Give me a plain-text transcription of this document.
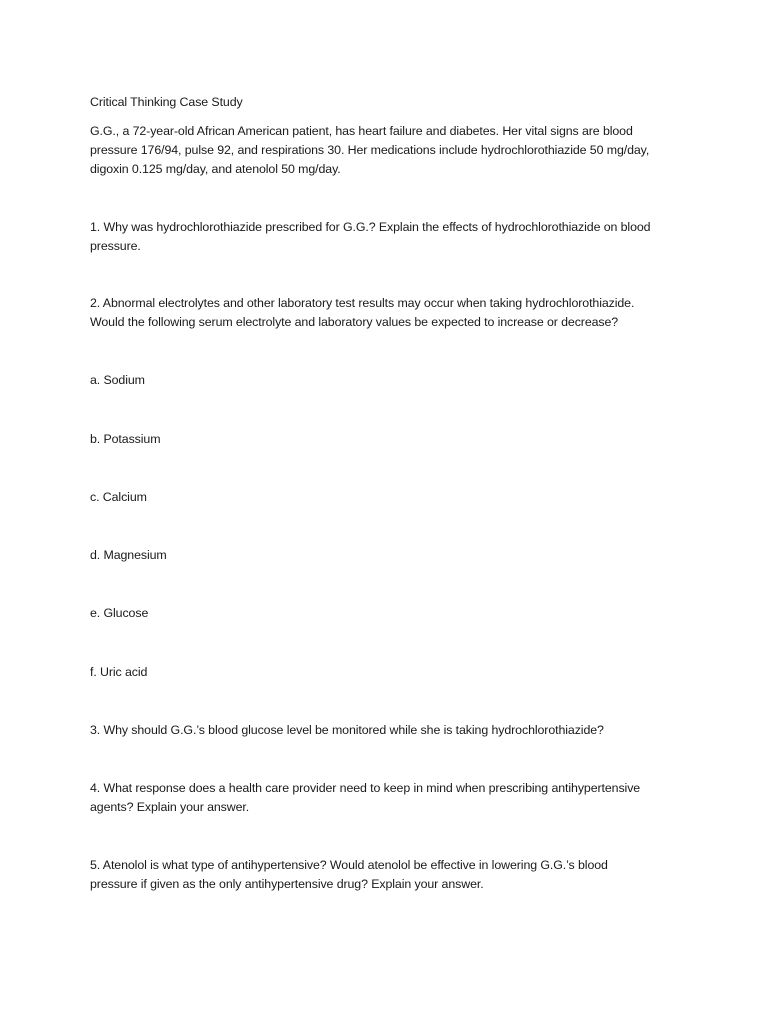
Critical Thinking Case Study
G.G., a 72-year-old African American patient, has heart failure and diabetes. Her vital signs are blood
pressure 176/94, pulse 92, and respirations 30. Her medications include hydrochlorothiazide 50 mg/day,
digoxin 0.125 mg/day, and atenolol 50 mg/day.
1. Why was hydrochlorothiazide prescribed for G.G.? Explain the effects of hydrochlorothiazide on blood
pressure.
2. Abnormal electrolytes and other laboratory test results may occur when taking hydrochlorothiazide.
Would the following serum electrolyte and laboratory values be expected to increase or decrease?
a. Sodium
b. Potassium
c. Calcium
d. Magnesium
e. Glucose
f. Uric acid
3. Why should G.G.’s blood glucose level be monitored while she is taking hydrochlorothiazide?
4. What response does a health care provider need to keep in mind when prescribing antihypertensive
agents? Explain your answer.
5. Atenolol is what type of antihypertensive? Would atenolol be effective in lowering G.G.’s blood
pressure if given as the only antihypertensive drug? Explain your answer.
